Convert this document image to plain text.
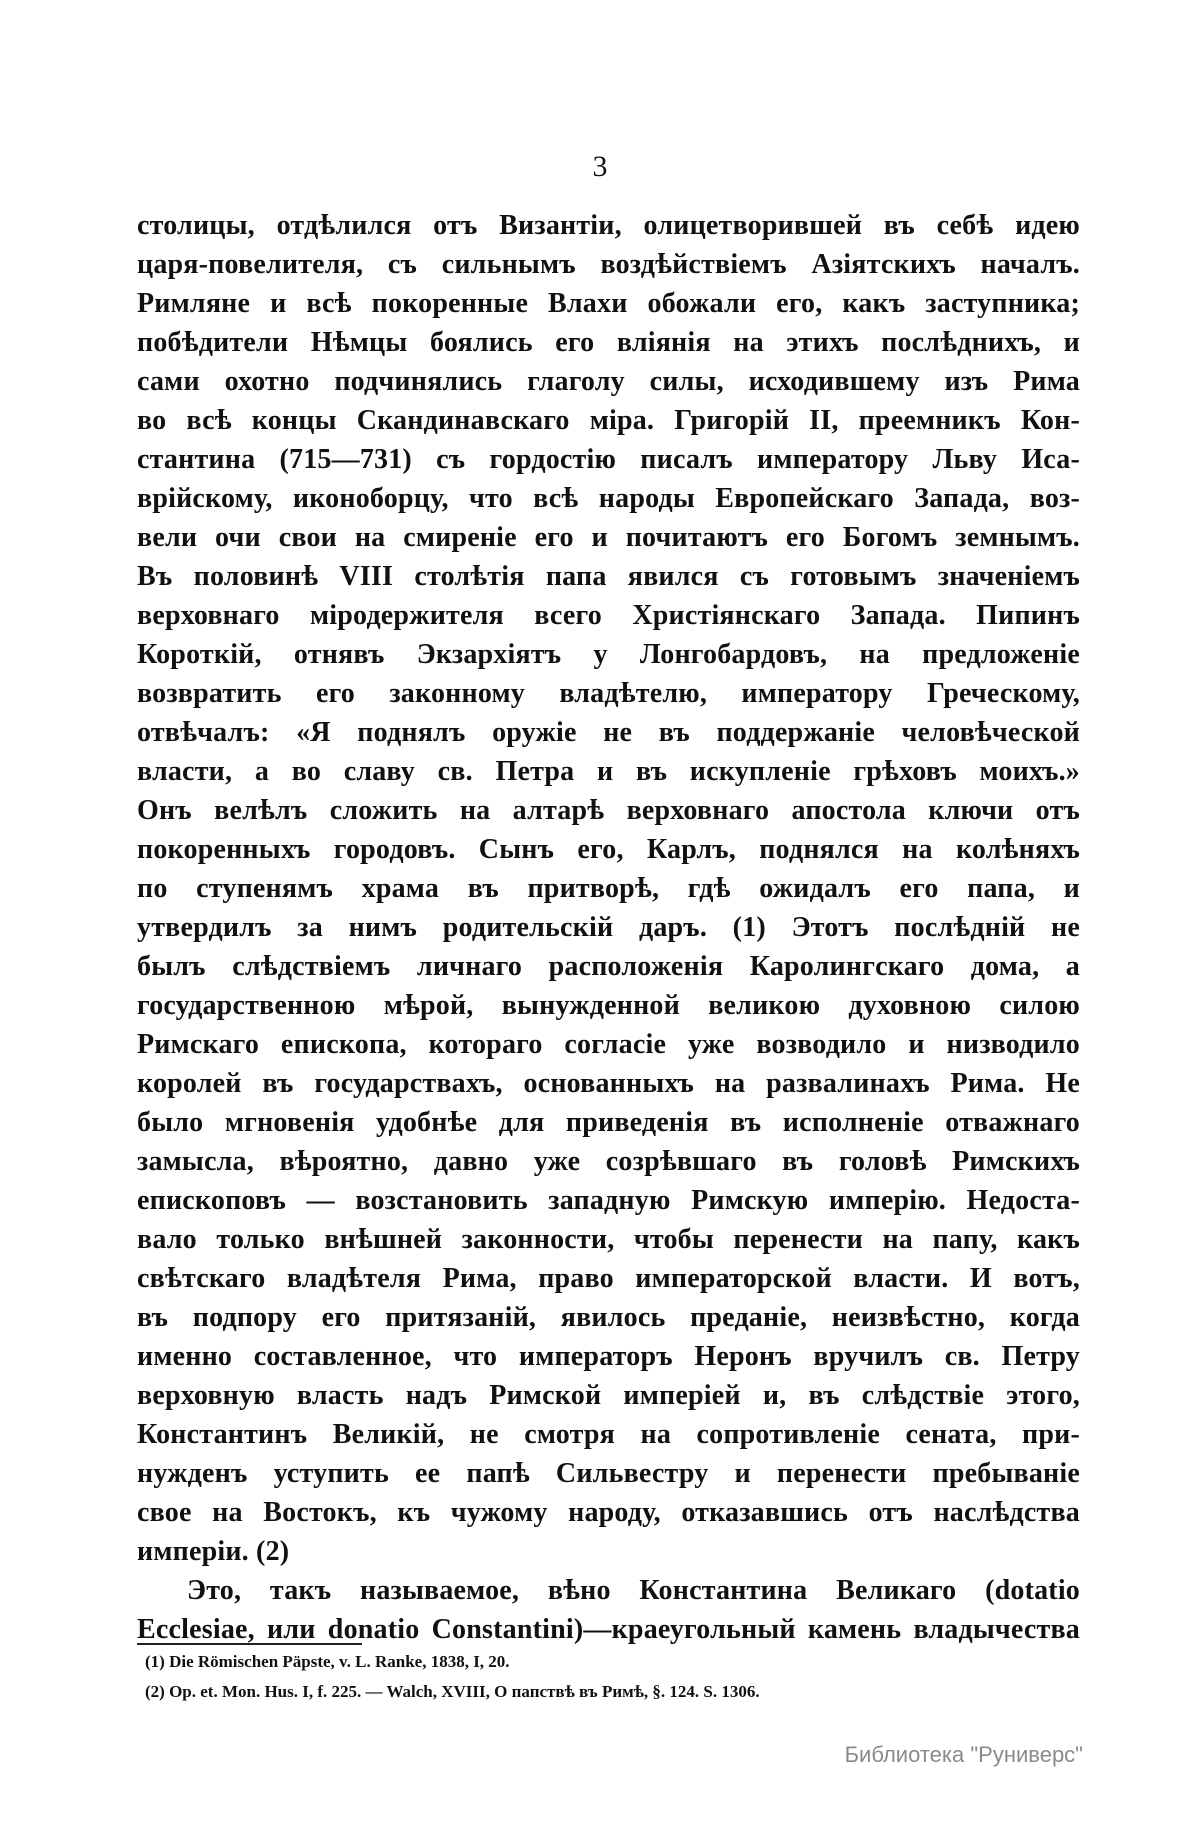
3
столицы, отдѣлился отъ Византіи, олицетворившей въ себѣ идею
царя-повелителя, съ сильнымъ воздѣйствіемъ Азіятскихъ началъ.
Римляне и всѣ покоренные Влахи обожали его, какъ заступника;
побѣдители Нѣмцы боялись его вліянія на этихъ послѣднихъ, и
сами охотно подчинялись глаголу силы, исходившему изъ Рима
во всѣ концы Скандинавскаго міра. Григорій II, преемникъ Кон-
стантина (715—731) съ гордостію писалъ императору Льву Иса-
врійскому, иконоборцу, что всѣ народы Европейскаго Запада, воз-
вели очи свои на смиреніе его и почитаютъ его Богомъ земнымъ.
Въ половинѣ VIII столѣтія папа явился съ готовымъ значеніемъ
верховнаго міродержителя всего Христіянскаго Запада. Пипинъ
Короткій, отнявъ Экзархіятъ у Лонгобардовъ, на предложеніе
возвратить его законному владѣтелю, императору Греческому,
отвѣчалъ: «Я поднялъ оружіе не въ поддержаніе человѣческой
власти, а во славу св. Петра и въ искупленіе грѣховъ моихъ.»
Онъ велѣлъ сложить на алтарѣ верховнаго апостола ключи отъ
покоренныхъ городовъ. Сынъ его, Карлъ, поднялся на колѣняхъ
по ступенямъ храма въ притворѣ, гдѣ ожидалъ его папа, и
утвердилъ за нимъ родительскій даръ. (1) Этотъ послѣдній не
былъ слѣдствіемъ личнаго расположенія Каролингскаго дома, а
государственною мѣрой, вынужденной великою духовною силою
Римскаго епископа, котораго согласіе уже возводило и низводило
королей въ государствахъ, основанныхъ на развалинахъ Рима. Не
было мгновенія удобнѣе для приведенія въ исполненіе отважнаго
замысла, вѣроятно, давно уже созрѣвшаго въ головѣ Римскихъ
епископовъ — возстановить западную Римскую имперію. Недоста-
вало только внѣшней законности, чтобы перенести на папу, какъ
свѣтскаго владѣтеля Рима, право императорской власти. И вотъ,
въ подпору его притязаній, явилось преданіе, неизвѣстно, когда
именно составленное, что императоръ Неронъ вручилъ св. Петру
верховную власть надъ Римской имперіей и, въ слѣдствіе этого,
Константинъ Великій, не смотря на сопротивленіе сената, при-
нужденъ уступить ее папѣ Сильвестру и перенести пребываніе
свое на Востокъ, къ чужому народу, отказавшись отъ наслѣдства
имперіи. (2)
Это, такъ называемое, вѣно Константина Великаго (dotatio
Ecclesiae, или donatio Constantini)—краеугольный камень владычества
(1) Die Römischen Päpste, v. L. Ranke, 1838, I, 20.
(2) Op. et. Mon. Hus. I, f. 225. — Walch, XVIII, О папствѣ въ Римѣ, §. 124. S. 1306.
Библиотека "Руниверс"
